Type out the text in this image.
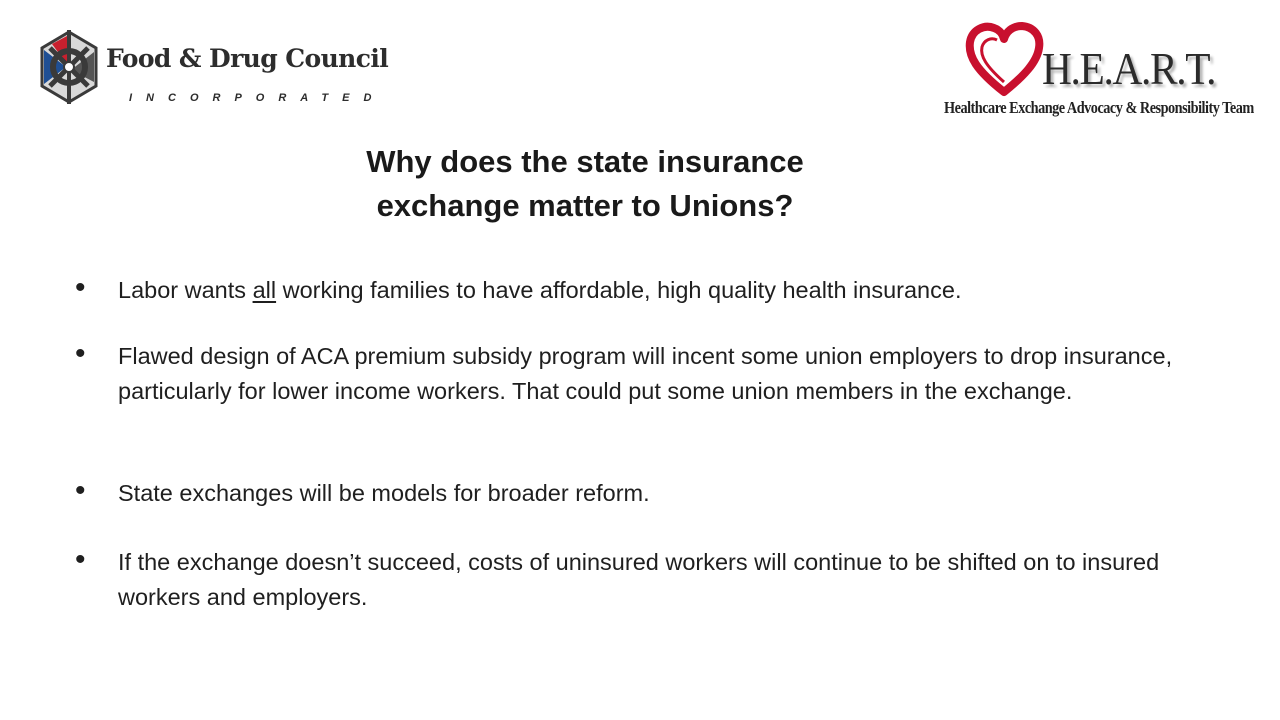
Food & Drug Council
INCORPORATED
H.E.A.R.T.
Healthcare Exchange Advocacy & Responsibility Team
Why does the state insurance
exchange matter to Unions?
• Labor wants all working families to have affordable, high quality health insurance.
• Flawed design of ACA premium subsidy program will incent some union employers to drop insurance, particularly for lower income workers. That could put some union members in the exchange.
• State exchanges will be models for broader reform.
• If the exchange doesn’t succeed, costs of uninsured workers will continue to be shifted on to insured workers and employers.
